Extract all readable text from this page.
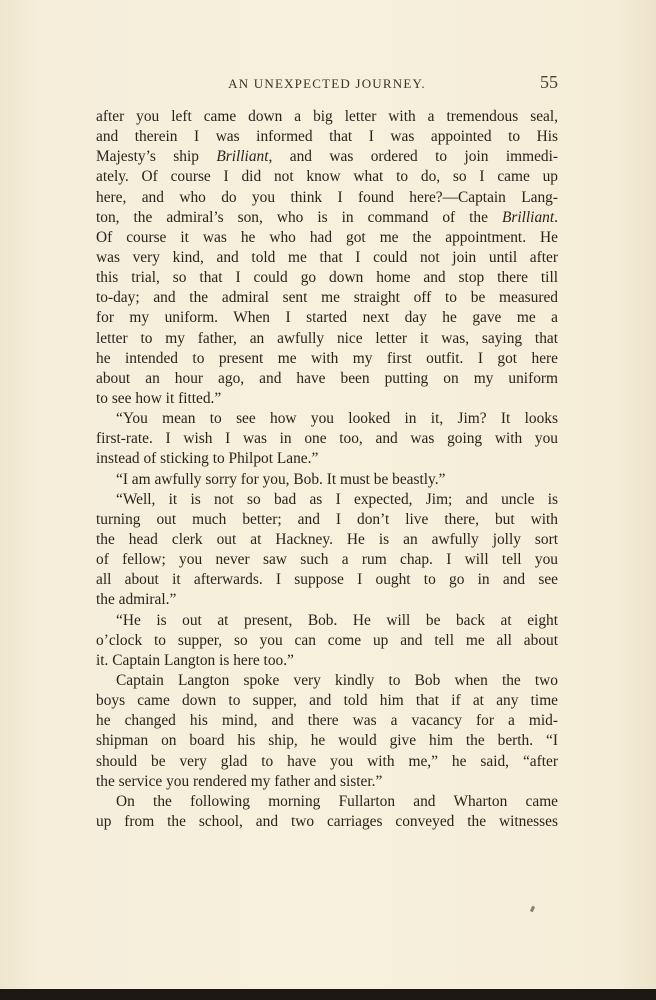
AN UNEXPECTED JOURNEY.	55
after you left came down a big letter with a tremendous seal,
and therein I was informed that I was appointed to His
Majesty’s ship Brilliant, and was ordered to join immedi-
ately. Of course I did not know what to do, so I came up
here, and who do you think I found here?—Captain Lang-
ton, the admiral’s son, who is in command of the Brilliant.
Of course it was he who had got me the appointment. He
was very kind, and told me that I could not join until after
this trial, so that I could go down home and stop there till
to-day; and the admiral sent me straight off to be measured
for my uniform. When I started next day he gave me a
letter to my father, an awfully nice letter it was, saying that
he intended to present me with my first outfit. I got here
about an hour ago, and have been putting on my uniform
to see how it fitted.”
“You mean to see how you looked in it, Jim? It looks
first-rate. I wish I was in one too, and was going with you
instead of sticking to Philpot Lane.”
“I am awfully sorry for you, Bob. It must be beastly.”
“Well, it is not so bad as I expected, Jim; and uncle is
turning out much better; and I don’t live there, but with
the head clerk out at Hackney. He is an awfully jolly sort
of fellow; you never saw such a rum chap. I will tell you
all about it afterwards. I suppose I ought to go in and see
the admiral.”
“He is out at present, Bob. He will be back at eight
o’clock to supper, so you can come up and tell me all about
it. Captain Langton is here too.”
Captain Langton spoke very kindly to Bob when the two
boys came down to supper, and told him that if at any time
he changed his mind, and there was a vacancy for a mid-
shipman on board his ship, he would give him the berth. “I
should be very glad to have you with me,” he said, “after
the service you rendered my father and sister.”
On the following morning Fullarton and Wharton came
up from the school, and two carriages conveyed the witnesses
